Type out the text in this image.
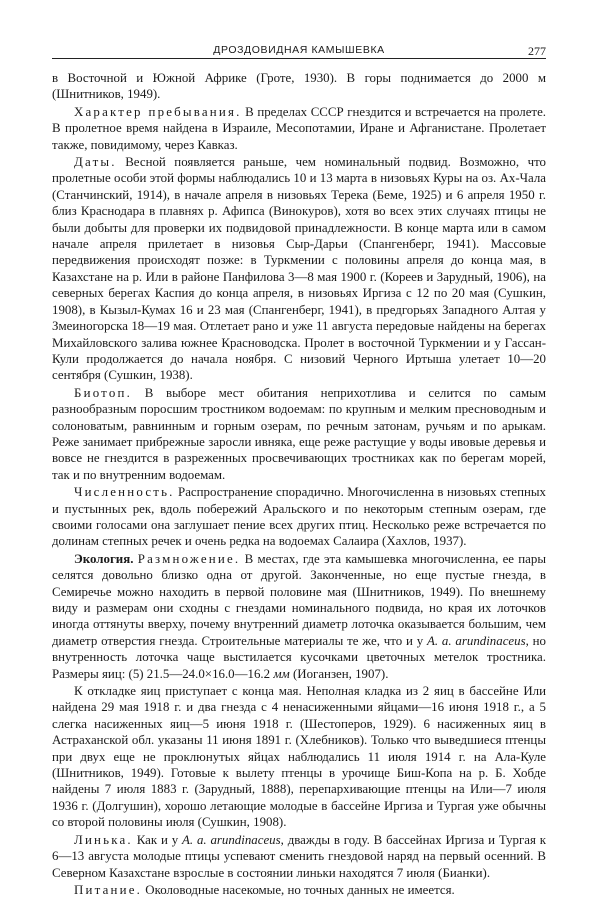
ДРОЗДОВИДНАЯ КАМЫШЕВКА	277

в Восточной и Южной Африке (Гроте, 1930). В горы поднимается до 2000 м (Шнитников, 1949).

Характер пребывания. В пределах СССР гнездится и встречается на пролете. В пролетное время найдена в Израиле, Месопотамии, Иране и Афганистане. Пролетает также, повидимому, через Кавказ.

Даты. Весной появляется раньше, чем номинальный подвид. Возможно, что пролетные особи этой формы наблюдались 10 и 13 марта в низовьях Куры на оз. Ах-Чала (Станчинский, 1914), в начале апреля в низовьях Терека (Беме, 1925) и 6 апреля 1950 г. близ Краснодара в плавнях р. Афипса (Винокуров), хотя во всех этих случаях птицы не были добыты для проверки их подвидовой принадлежности. В конце марта или в самом начале апреля прилетает в низовья Сыр-Дарьи (Спангенберг, 1941). Массовые передвижения происходят позже: в Туркмении с половины апреля до конца мая, в Казахстане на р. Или в районе Панфилова 3—8 мая 1900 г. (Кореев и Зарудный, 1906), на северных берегах Каспия до конца апреля, в низовьях Иргиза с 12 по 20 мая (Сушкин, 1908), в Кызыл-Кумах 16 и 23 мая (Спангенберг, 1941), в предгорьях Западного Алтая у Змеиногорска 18—19 мая. Отлетает рано и уже 11 августа передовые найдены на берегах Михайловского залива южнее Красноводска. Пролет в восточной Туркмении и у Гассан-Кули продолжается до начала ноября. С низовий Черного Иртыша улетает 10—20 сентября (Сушкин, 1938).

Биотоп. В выборе мест обитания неприхотлива и селится по самым разнообразным поросшим тростником водоемам: по крупным и мелким пресноводным и солоноватым, равнинным и горным озерам, по речным затонам, ручьям и по арыкам. Реже занимает прибрежные заросли ивняка, еще реже растущие у воды ивовые деревья и вовсе не гнездится в разреженных просвечивающих тростниках как по берегам морей, так и по внутренним водоемам.

Численность. Распространение спорадично. Многочисленна в низовьях степных и пустынных рек, вдоль побережий Аральского и по некоторым степным озерам, где своими голосами она заглушает пение всех других птиц. Несколько реже встречается по долинам степных речек и очень редка на водоемах Салаира (Хахлов, 1937).

Экология. Размножение. В местах, где эта камышевка многочисленна, ее пары селятся довольно близко одна от другой. Законченные, но еще пустые гнезда, в Семиречье можно находить в первой половине мая (Шнитников, 1949). По внешнему виду и размерам они сходны с гнездами номинального подвида, но края их лоточков иногда оттянуты вверху, почему внутренний диаметр лоточка оказывается большим, чем диаметр отверстия гнезда. Строительные материалы те же, что и у A. a. arundinaceus, но внутренность лоточка чаще выстилается кусочками цветочных метелок тростника. Размеры яиц: (5) 21.5—24.0×16.0—16.2 мм (Иоганзен, 1907).

К откладке яиц приступает с конца мая. Неполная кладка из 2 яиц в бассейне Или найдена 29 мая 1918 г. и два гнезда с 4 ненасиженными яйцами—16 июня 1918 г., а 5 слегка насиженных яиц—5 июня 1918 г. (Шестоперов, 1929). 6 насиженных яиц в Астраханской обл. указаны 11 июня 1891 г. (Хлебников). Только что выведшиеся птенцы при двух еще не проклюнутых яйцах наблюдались 11 июля 1914 г. на Ала-Куле (Шнитников, 1949). Готовые к вылету птенцы в урочище Биш-Копа на р. Б. Хобде найдены 7 июля 1883 г. (Зарудный, 1888), перепархивающие птенцы на Или—7 июля 1936 г. (Долгушин), хорошо летающие молодые в бассейне Иргиза и Тургая уже обычны со второй половины июля (Сушкин, 1908).

Линька. Как и у A. a. arundinaceus, дважды в году. В бассейнах Иргиза и Тургая к 6—13 августа молодые птицы успевают сменить гнездовой наряд на первый осенний. В Северном Казахстане взрослые в состоянии линьки находятся 7 июля (Бианки).

Питание. Околоводные насекомые, но точных данных не имеется.
